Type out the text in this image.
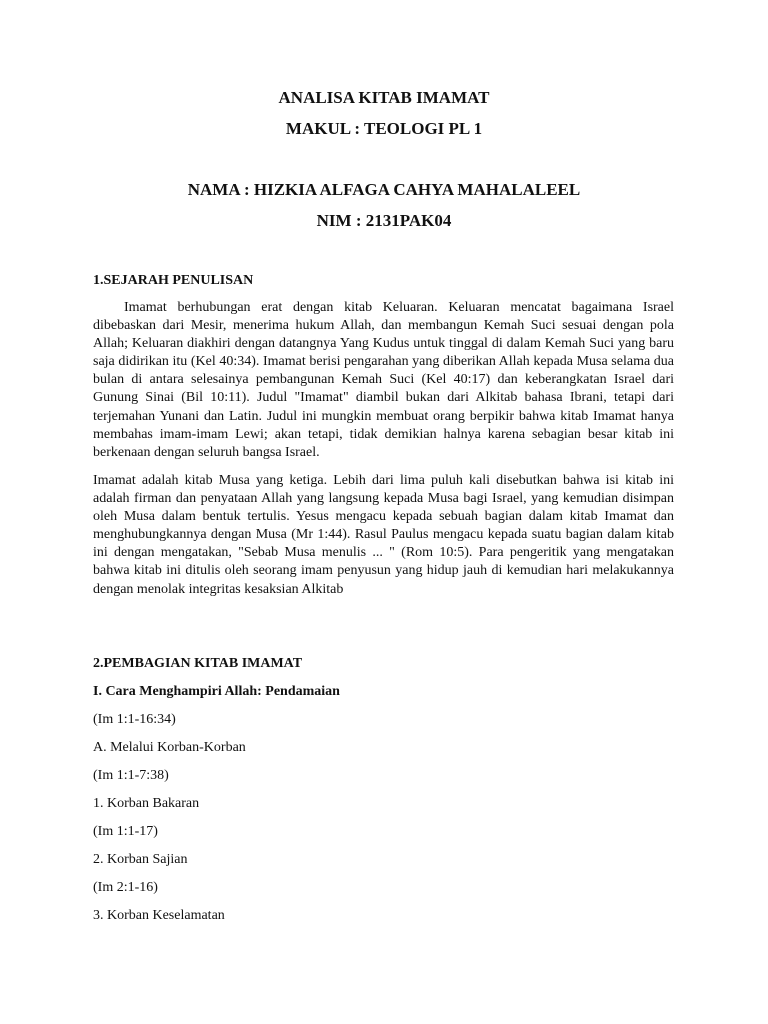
ANALISA KITAB IMAMAT
MAKUL : TEOLOGI PL 1
NAMA : HIZKIA ALFAGA CAHYA MAHALALEEL
NIM : 2131PAK04
1.SEJARAH PENULISAN
Imamat berhubungan erat dengan kitab Keluaran. Keluaran mencatat bagaimana Israel dibebaskan dari Mesir, menerima hukum Allah, dan membangun Kemah Suci sesuai dengan pola Allah; Keluaran diakhiri dengan datangnya Yang Kudus untuk tinggal di dalam Kemah Suci yang baru saja didirikan itu (Kel 40:34). Imamat berisi pengarahan yang diberikan Allah kepada Musa selama dua bulan di antara selesainya pembangunan Kemah Suci (Kel 40:17) dan keberangkatan Israel dari Gunung Sinai (Bil 10:11). Judul "Imamat" diambil bukan dari Alkitab bahasa Ibrani, tetapi dari terjemahan Yunani dan Latin. Judul ini mungkin membuat orang berpikir bahwa kitab Imamat hanya membahas imam-imam Lewi; akan tetapi, tidak demikian halnya karena sebagian besar kitab ini berkenaan dengan seluruh bangsa Israel.
Imamat adalah kitab Musa yang ketiga. Lebih dari lima puluh kali disebutkan bahwa isi kitab ini adalah firman dan penyataan Allah yang langsung kepada Musa bagi Israel, yang kemudian disimpan oleh Musa dalam bentuk tertulis. Yesus mengacu kepada sebuah bagian dalam kitab Imamat dan menghubungkannya dengan Musa (Mr 1:44). Rasul Paulus mengacu kepada suatu bagian dalam kitab ini dengan mengatakan, "Sebab Musa menulis ... " (Rom 10:5). Para pengeritik yang mengatakan bahwa kitab ini ditulis oleh seorang imam penyusun yang hidup jauh di kemudian hari melakukannya dengan menolak integritas kesaksian Alkitab
2.PEMBAGIAN KITAB IMAMAT
I. Cara Menghampiri Allah: Pendamaian
(Im 1:1-16:34)
A. Melalui Korban-Korban
(Im 1:1-7:38)
1. Korban Bakaran
(Im 1:1-17)
2. Korban Sajian
(Im 2:1-16)
3. Korban Keselamatan
